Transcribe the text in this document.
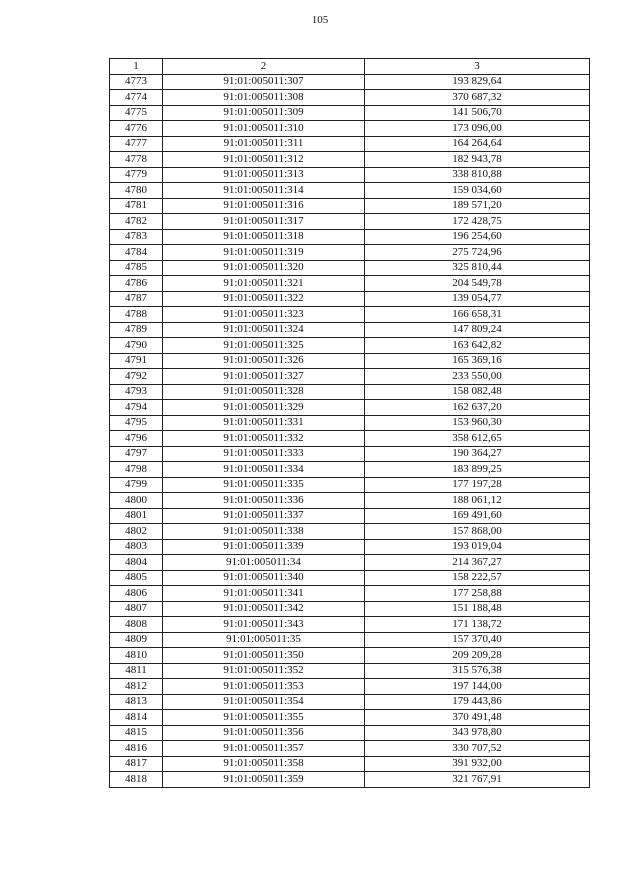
105
1	2	3
4773	91:01:005011:307	193 829,64
4774	91:01:005011:308	370 687,32
4775	91:01:005011:309	141 506,70
4776	91:01:005011:310	173 096,00
4777	91:01:005011:311	164 264,64
4778	91:01:005011:312	182 943,78
4779	91:01:005011:313	338 810,88
4780	91:01:005011:314	159 034,60
4781	91:01:005011:316	189 571,20
4782	91:01:005011:317	172 428,75
4783	91:01:005011:318	196 254,60
4784	91:01:005011:319	275 724,96
4785	91:01:005011:320	325 810,44
4786	91:01:005011:321	204 549,78
4787	91:01:005011:322	139 054,77
4788	91:01:005011:323	166 658,31
4789	91:01:005011:324	147 809,24
4790	91:01:005011:325	163 642,82
4791	91:01:005011:326	165 369,16
4792	91:01:005011:327	233 550,00
4793	91:01:005011:328	158 082,48
4794	91:01:005011:329	162 637,20
4795	91:01:005011:331	153 960,30
4796	91:01:005011:332	358 612,65
4797	91:01:005011:333	190 364,27
4798	91:01:005011:334	183 899,25
4799	91:01:005011:335	177 197,28
4800	91:01:005011:336	188 061,12
4801	91:01:005011:337	169 491,60
4802	91:01:005011:338	157 868,00
4803	91:01:005011:339	193 019,04
4804	91:01:005011:34	214 367,27
4805	91:01:005011:340	158 222,57
4806	91:01:005011:341	177 258,88
4807	91:01:005011:342	151 188,48
4808	91:01:005011:343	171 138,72
4809	91:01:005011:35	157 370,40
4810	91:01:005011:350	209 209,28
4811	91:01:005011:352	315 576,38
4812	91:01:005011:353	197 144,00
4813	91:01:005011:354	179 443,86
4814	91:01:005011:355	370 491,48
4815	91:01:005011:356	343 978,80
4816	91:01:005011:357	330 707,52
4817	91:01:005011:358	391 932,00
4818	91:01:005011:359	321 767,91
